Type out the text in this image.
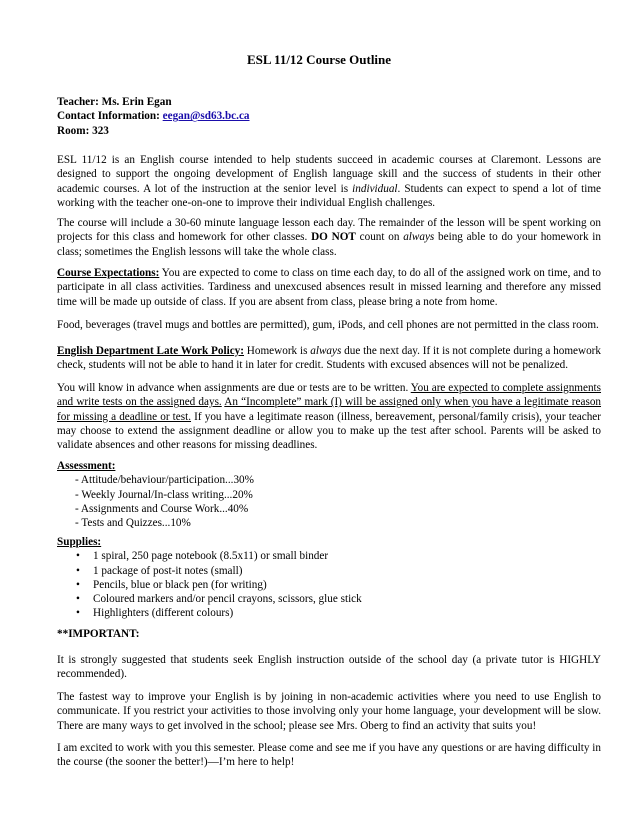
ESL 11/12 Course Outline
Teacher: Ms. Erin Egan
Contact Information: eegan@sd63.bc.ca
Room: 323
ESL 11/12 is an English course intended to help students succeed in academic courses at Claremont. Lessons are designed to support the ongoing development of English language skill and the success of students in their other academic courses. A lot of the instruction at the senior level is individual. Students can expect to spend a lot of time working with the teacher one-on-one to improve their individual English challenges.
The course will include a 30-60 minute language lesson each day. The remainder of the lesson will be spent working on projects for this class and homework for other classes. DO NOT count on always being able to do your homework in class; sometimes the English lessons will take the whole class.
Course Expectations: You are expected to come to class on time each day, to do all of the assigned work on time, and to participate in all class activities. Tardiness and unexcused absences result in missed learning and therefore any missed time will be made up outside of class. If you are absent from class, please bring a note from home.
Food, beverages (travel mugs and bottles are permitted), gum, iPods, and cell phones are not permitted in the class room.
English Department Late Work Policy: Homework is always due the next day. If it is not complete during a homework check, students will not be able to hand it in later for credit. Students with excused absences will not be penalized.
You will know in advance when assignments are due or tests are to be written. You are expected to complete assignments and write tests on the assigned days. An “Incomplete” mark (I) will be assigned only when you have a legitimate reason for missing a deadline or test. If you have a legitimate reason (illness, bereavement, personal/family crisis), your teacher may choose to extend the assignment deadline or allow you to make up the test after school. Parents will be asked to validate absences and other reasons for missing deadlines.
Assessment:
- Attitude/behaviour/participation...30%
- Weekly Journal/In-class writing...20%
- Assignments and Course Work...40%
- Tests and Quizzes...10%
Supplies:
• 1 spiral, 250 page notebook (8.5x11) or small binder
• 1 package of post-it notes (small)
• Pencils, blue or black pen (for writing)
• Coloured markers and/or pencil crayons, scissors, glue stick
• Highlighters (different colours)
**IMPORTANT:
It is strongly suggested that students seek English instruction outside of the school day (a private tutor is HIGHLY recommended).
The fastest way to improve your English is by joining in non-academic activities where you need to use English to communicate. If you restrict your activities to those involving only your home language, your development will be slow. There are many ways to get involved in the school; please see Mrs. Oberg to find an activity that suits you!
I am excited to work with you this semester. Please come and see me if you have any questions or are having difficulty in the course (the sooner the better!)—I’m here to help!
